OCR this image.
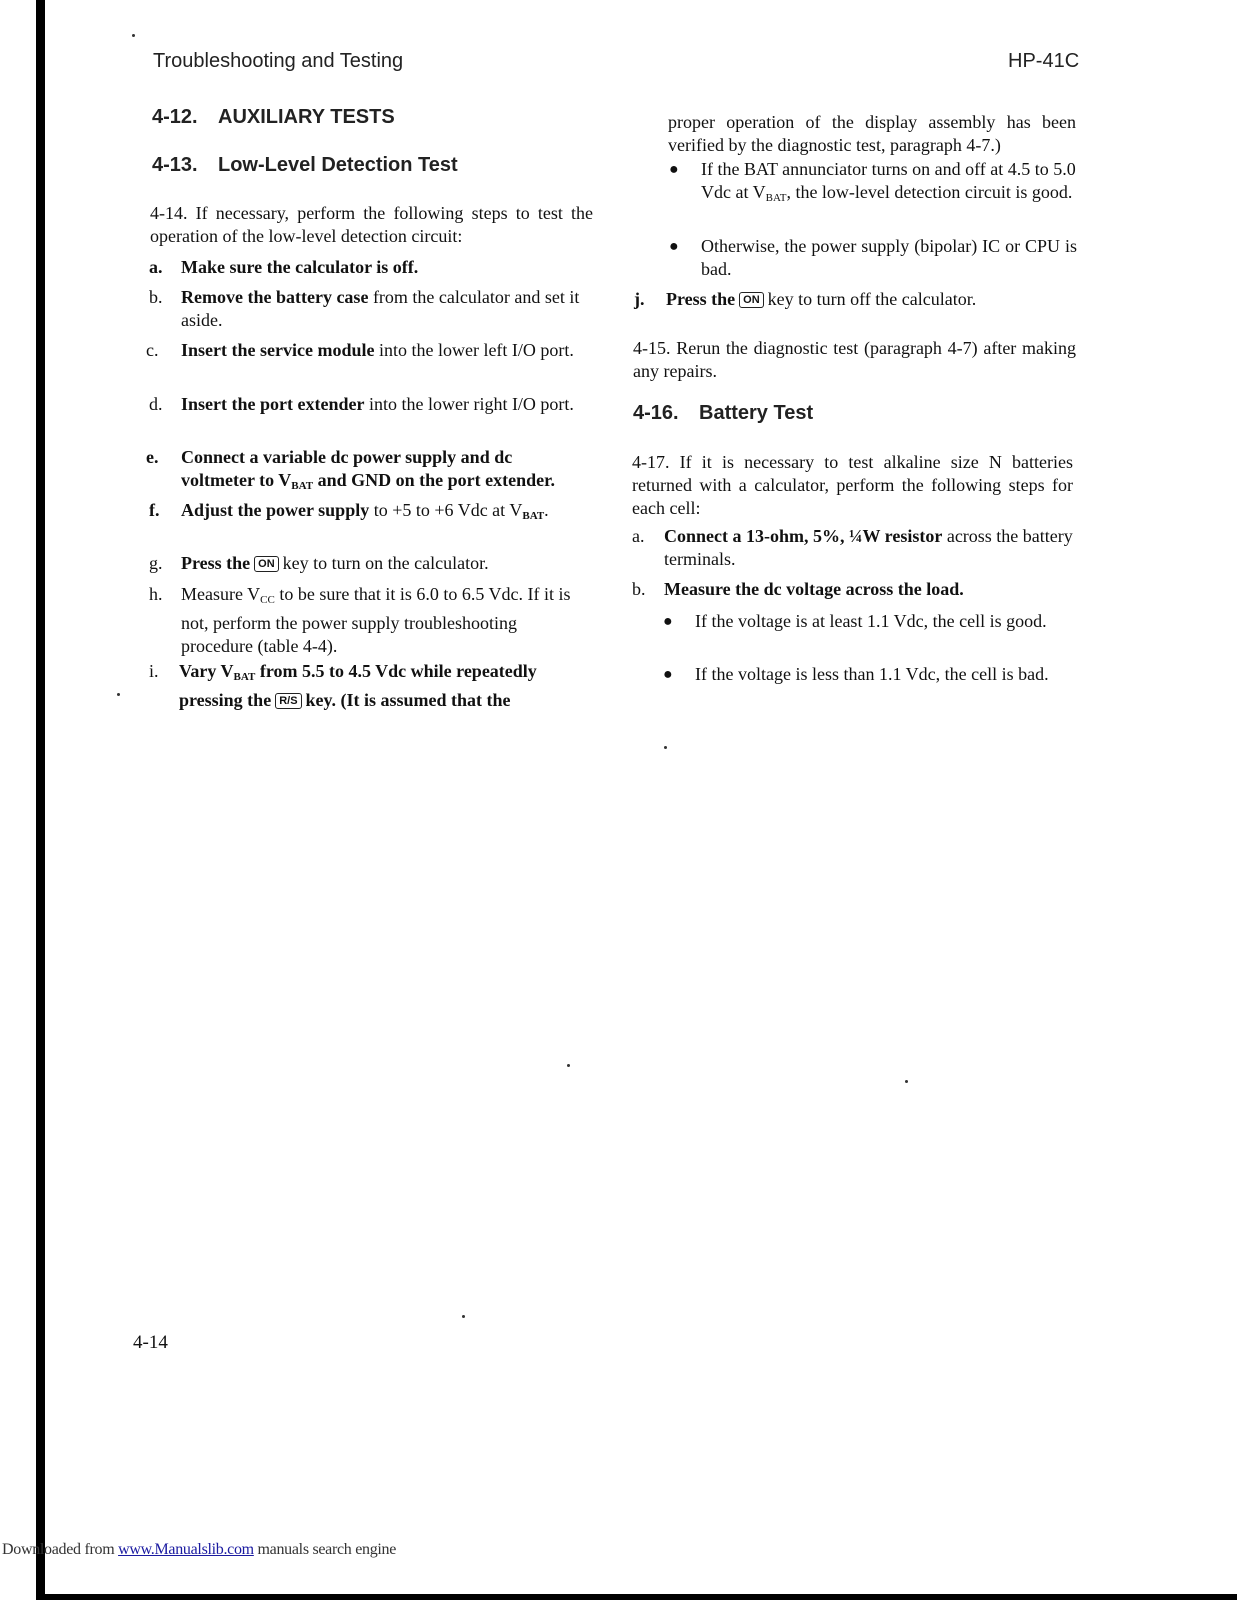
Troubleshooting and Testing	HP-41C
4-12. AUXILIARY TESTS
4-13. Low-Level Detection Test
4-14. If necessary, perform the following steps to test the operation of the low-level detection circuit:
a. Make sure the calculator is off.
b. Remove the battery case from the calculator and set it aside.
c. Insert the service module into the lower left I/O port.
d. Insert the port extender into the lower right I/O port.
e. Connect a variable dc power supply and dc
voltmeter to $V_{BAT}$ and GND on the port extender.
f. Adjust the power supply to +5 to +6 Vdc at $V_{BAT}$.
g. Press the ON key to turn on the calculator.
h. Measure $V_{CC}$ to be sure that it is 6.0 to 6.5 Vdc. If it is not, perform the power supply troubleshooting procedure (table 4-4).
i. Vary $V_{BAT}$ from 5.5 to 4.5 Vdc while repeatedly pressing the R/S key. (It is assumed that the
proper operation of the display assembly has been verified by the diagnostic test, paragraph 4-7.)
● If the BAT annunciator turns on and off at 4.5 to 5.0 Vdc at $V_{BAT}$, the low-level detection circuit is good.
● Otherwise, the power supply (bipolar) IC or CPU is bad.
j. Press the ON key to turn off the calculator.
4-15. Rerun the diagnostic test (paragraph 4-7) after making any repairs.
4-16. Battery Test
4-17. If it is necessary to test alkaline size N batteries returned with a calculator, perform the following steps for each cell:
a. Connect a 13-ohm, 5%, ¼W resistor across the battery terminals.
b. Measure the dc voltage across the load.
● If the voltage is at least 1.1 Vdc, the cell is good.
● If the voltage is less than 1.1 Vdc, the cell is bad.
4-14
Downloaded from www.Manualslib.com manuals search engine
